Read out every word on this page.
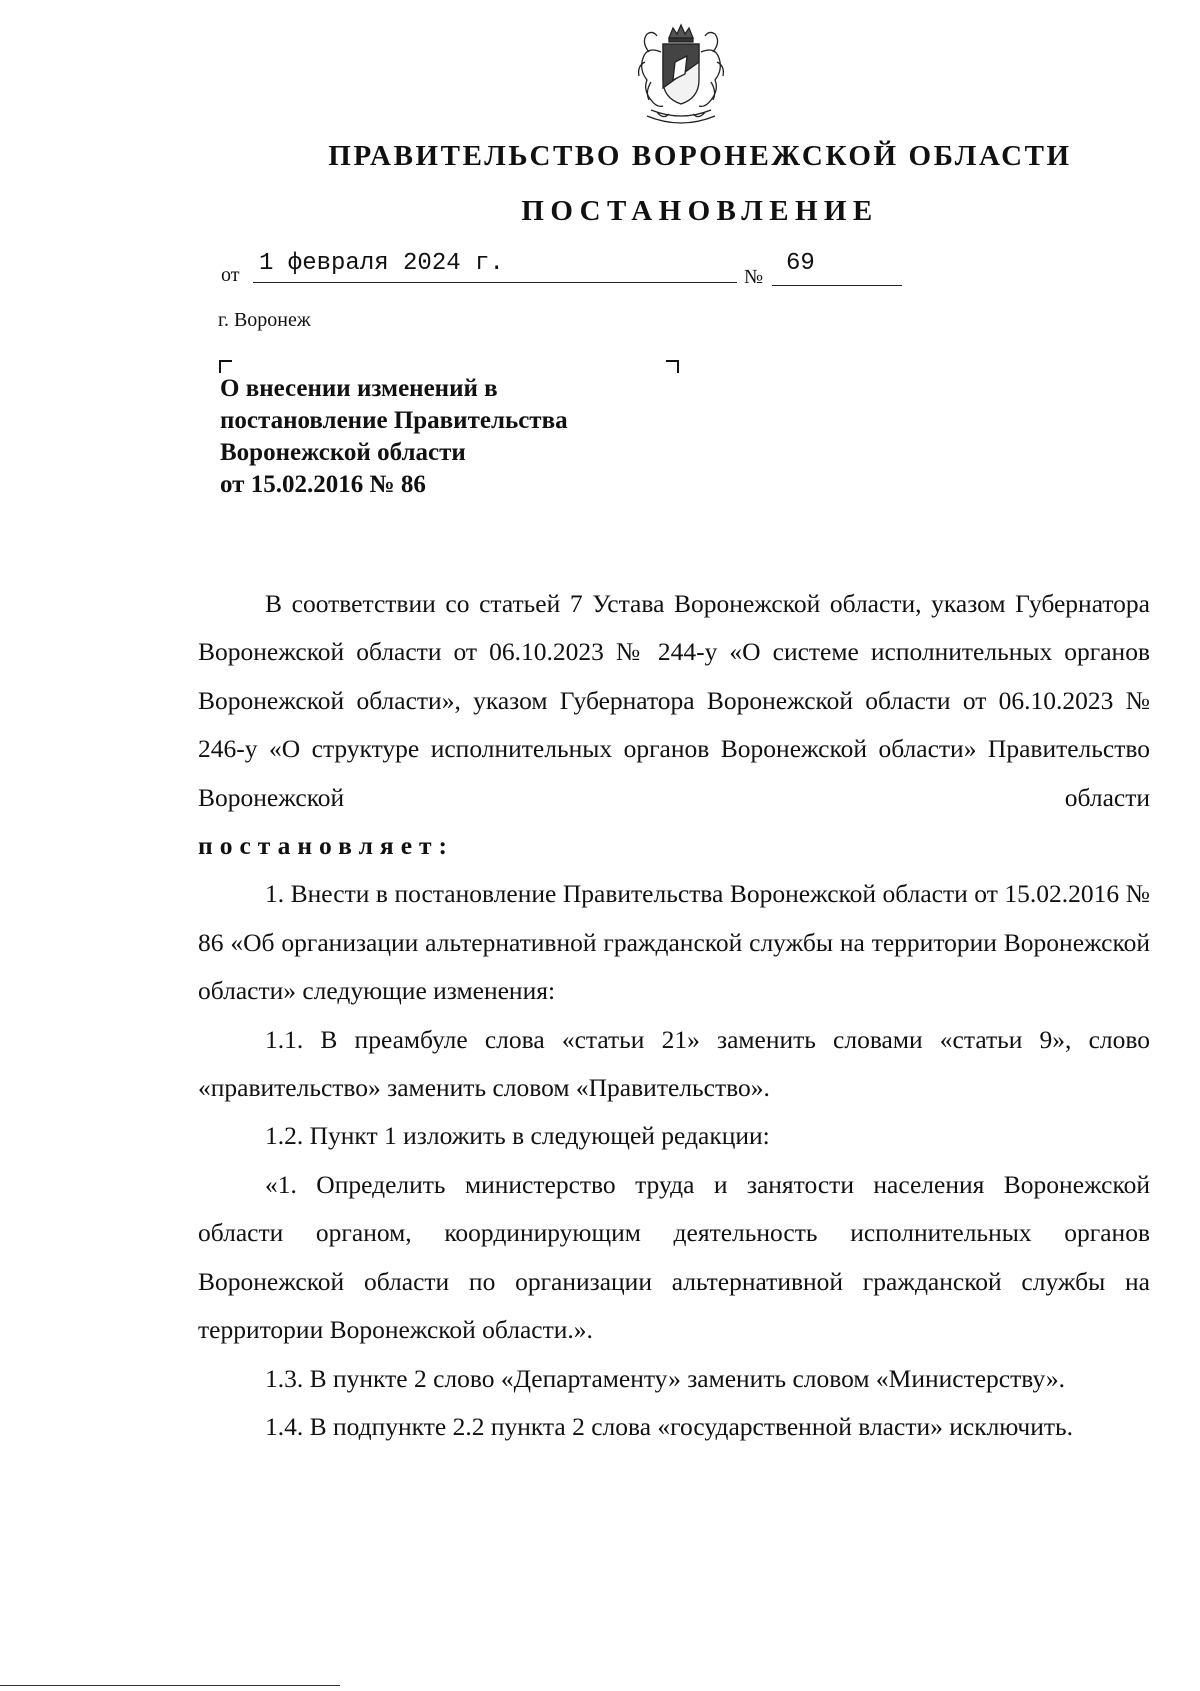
ПРАВИТЕЛЬСТВО ВОРОНЕЖСКОЙ ОБЛАСТИ
ПОСТАНОВЛЕНИЕ
от 1 февраля 2024 г.	№ 69
г. Воронеж
О внесении изменений в
постановление Правительства
Воронежской области
от 15.02.2016 № 86

В соответствии со статьей 7 Устава Воронежской области, указом Губернатора Воронежской области от 06.10.2023 № 244-у «О системе исполнительных органов Воронежской области», указом Губернатора Воронежской области от 06.10.2023 № 246-у «О структуре исполнительных органов Воронежской области» Правительство Воронежской области

постановляет:

1. Внести в постановление Правительства Воронежской области от 15.02.2016 № 86 «Об организации альтернативной гражданской службы на территории Воронежской области» следующие изменения:

1.1. В преамбуле слова «статьи 21» заменить словами «статьи 9», слово «правительство» заменить словом «Правительство».

1.2. Пункт 1 изложить в следующей редакции:

«1. Определить министерство труда и занятости населения Воронежской области органом, координирующим деятельность исполнительных органов Воронежской области по организации альтернативной гражданской службы на территории Воронежской области.».

1.3. В пункте 2 слово «Департаменту» заменить словом «Министерству».

1.4. В подпункте 2.2 пункта 2 слова «государственной власти» исключить.
